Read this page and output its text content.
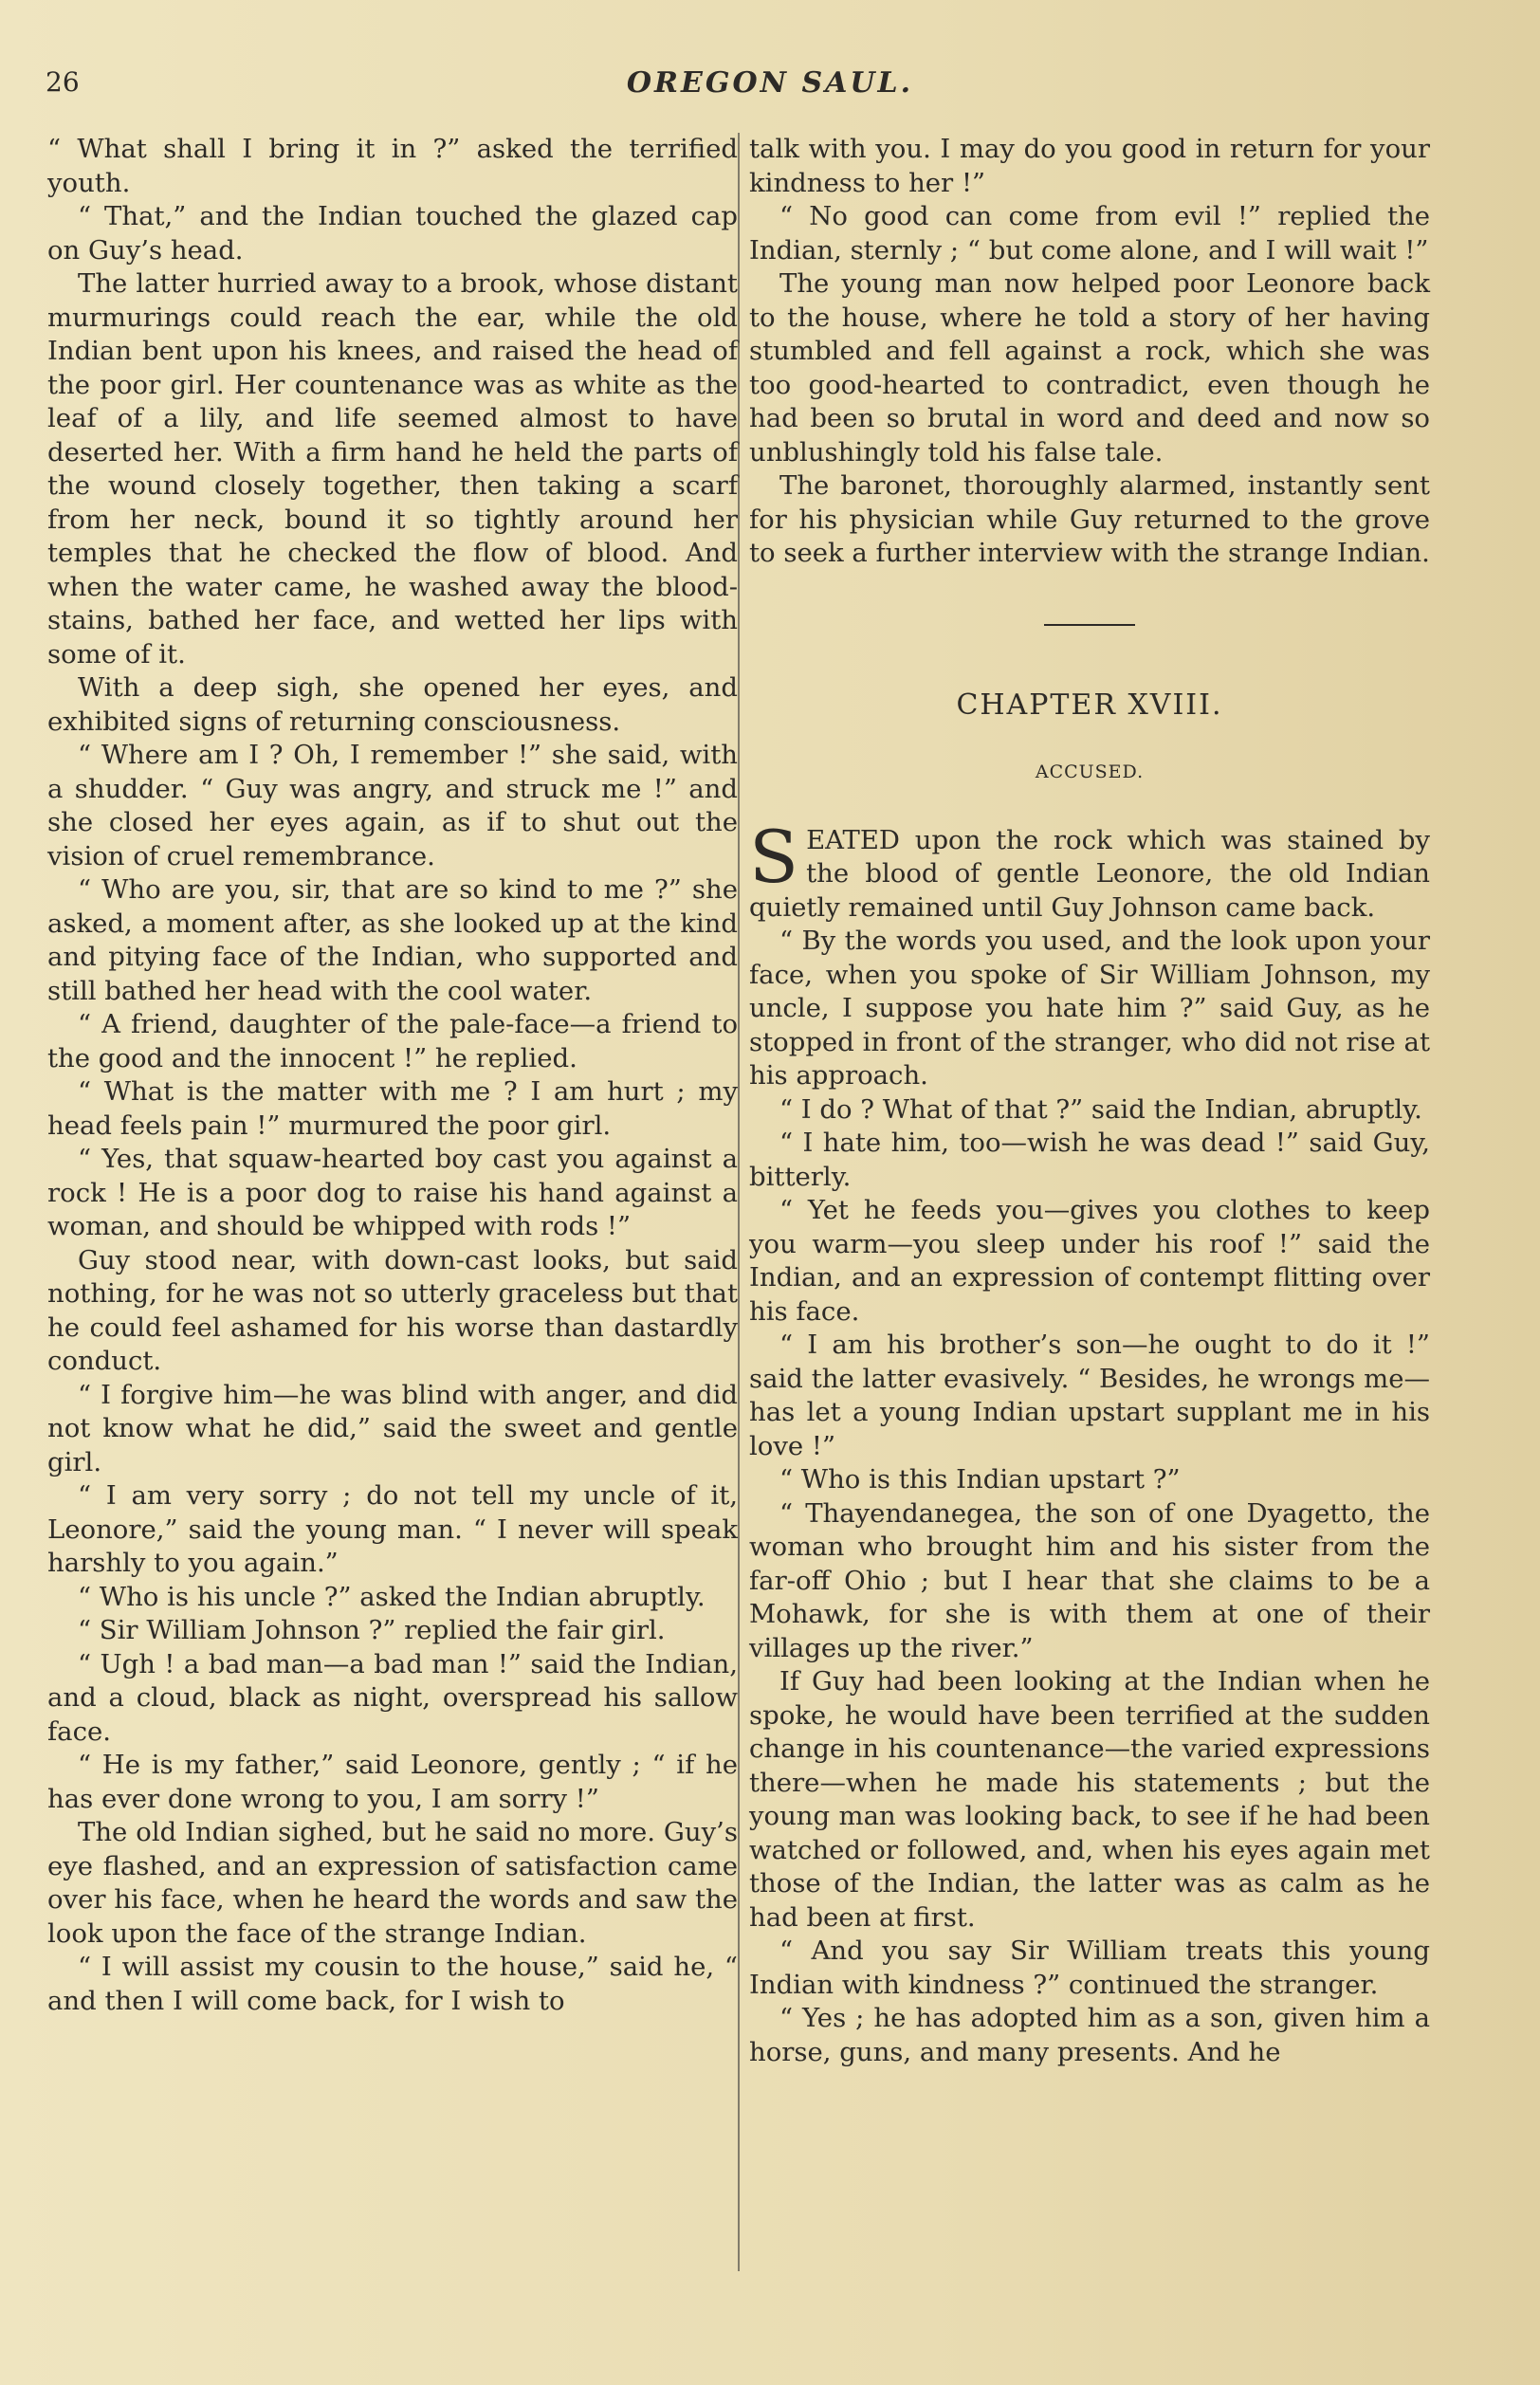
26	OREGON SAUL.

“ What shall I bring it in ?” asked the terrified youth.

“ That,” and the Indian touched the glazed cap on Guy’s head.

The latter hurried away to a brook, whose distant murmurings could reach the ear, while the old Indian bent upon his knees, and raised the head of the poor girl. Her countenance was as white as the leaf of a lily, and life seemed almost to have deserted her. With a firm hand he held the parts of the wound closely together, then taking a scarf from her neck, bound it so tightly around her temples that he checked the flow of blood. And when the water came, he washed away the blood-stains, bathed her face, and wetted her lips with some of it.

With a deep sigh, she opened her eyes, and exhibited signs of returning consciousness.

“ Where am I ? Oh, I remember !” she said, with a shudder. “ Guy was angry, and struck me !” and she closed her eyes again, as if to shut out the vision of cruel remembrance.

“ Who are you, sir, that are so kind to me ?” she asked, a moment after, as she looked up at the kind and pitying face of the Indian, who supported and still bathed her head with the cool water.

“ A friend, daughter of the pale-face—a friend to the good and the innocent !” he replied.

“ What is the matter with me ? I am hurt ; my head feels pain !” murmured the poor girl.

“ Yes, that squaw-hearted boy cast you against a rock ! He is a poor dog to raise his hand against a woman, and should be whipped with rods !”

Guy stood near, with down-cast looks, but said nothing, for he was not so utterly graceless but that he could feel ashamed for his worse than dastardly conduct.

“ I forgive him—he was blind with anger, and did not know what he did,” said the sweet and gentle girl.

“ I am very sorry ; do not tell my uncle of it, Leonore,” said the young man. “ I never will speak harshly to you again.”

“ Who is his uncle ?” asked the Indian abruptly.

“ Sir William Johnson ?” replied the fair girl.

“ Ugh ! a bad man—a bad man !” said the Indian, and a cloud, black as night, overspread his sallow face.

“ He is my father,” said Leonore, gently ; “ if he has ever done wrong to you, I am sorry !”

The old Indian sighed, but he said no more. Guy’s eye flashed, and an expression of satisfaction came over his face, when he heard the words and saw the look upon the face of the strange Indian.

“ I will assist my cousin to the house,” said he, “ and then I will come back, for I wish to

talk with you. I may do you good in return for your kindness to her !”

“ No good can come from evil !” replied the Indian, sternly ; “ but come alone, and I will wait !”

The young man now helped poor Leonore back to the house, where he told a story of her having stumbled and fell against a rock, which she was too good-hearted to contradict, even though he had been so brutal in word and deed and now so unblushingly told his false tale.

The baronet, thoroughly alarmed, instantly sent for his physician while Guy returned to the grove to seek a further interview with the strange Indian.

CHAPTER XVIII.
ACCUSED.

SEATED upon the rock which was stained by the blood of gentle Leonore, the old Indian quietly remained until Guy Johnson came back.

“ By the words you used, and the look upon your face, when you spoke of Sir William Johnson, my uncle, I suppose you hate him ?” said Guy, as he stopped in front of the stranger, who did not rise at his approach.

“ I do ? What of that ?” said the Indian, abruptly.

“ I hate him, too—wish he was dead !” said Guy, bitterly.

“ Yet he feeds you—gives you clothes to keep you warm—you sleep under his roof !” said the Indian, and an expression of contempt flitting over his face.

“ I am his brother’s son—he ought to do it !” said the latter evasively. “ Besides, he wrongs me—has let a young Indian upstart supplant me in his love !”

“ Who is this Indian upstart ?”

“ Thayendanegea, the son of one Dyagetto, the woman who brought him and his sister from the far-off Ohio ; but I hear that she claims to be a Mohawk, for she is with them at one of their villages up the river.”

If Guy had been looking at the Indian when he spoke, he would have been terrified at the sudden change in his countenance—the varied expressions there—when he made his statements ; but the young man was looking back, to see if he had been watched or followed, and, when his eyes again met those of the Indian, the latter was as calm as he had been at first.

“ And you say Sir William treats this young Indian with kindness ?” continued the stranger.

“ Yes ; he has adopted him as a son, given him a horse, guns, and many presents. And he
